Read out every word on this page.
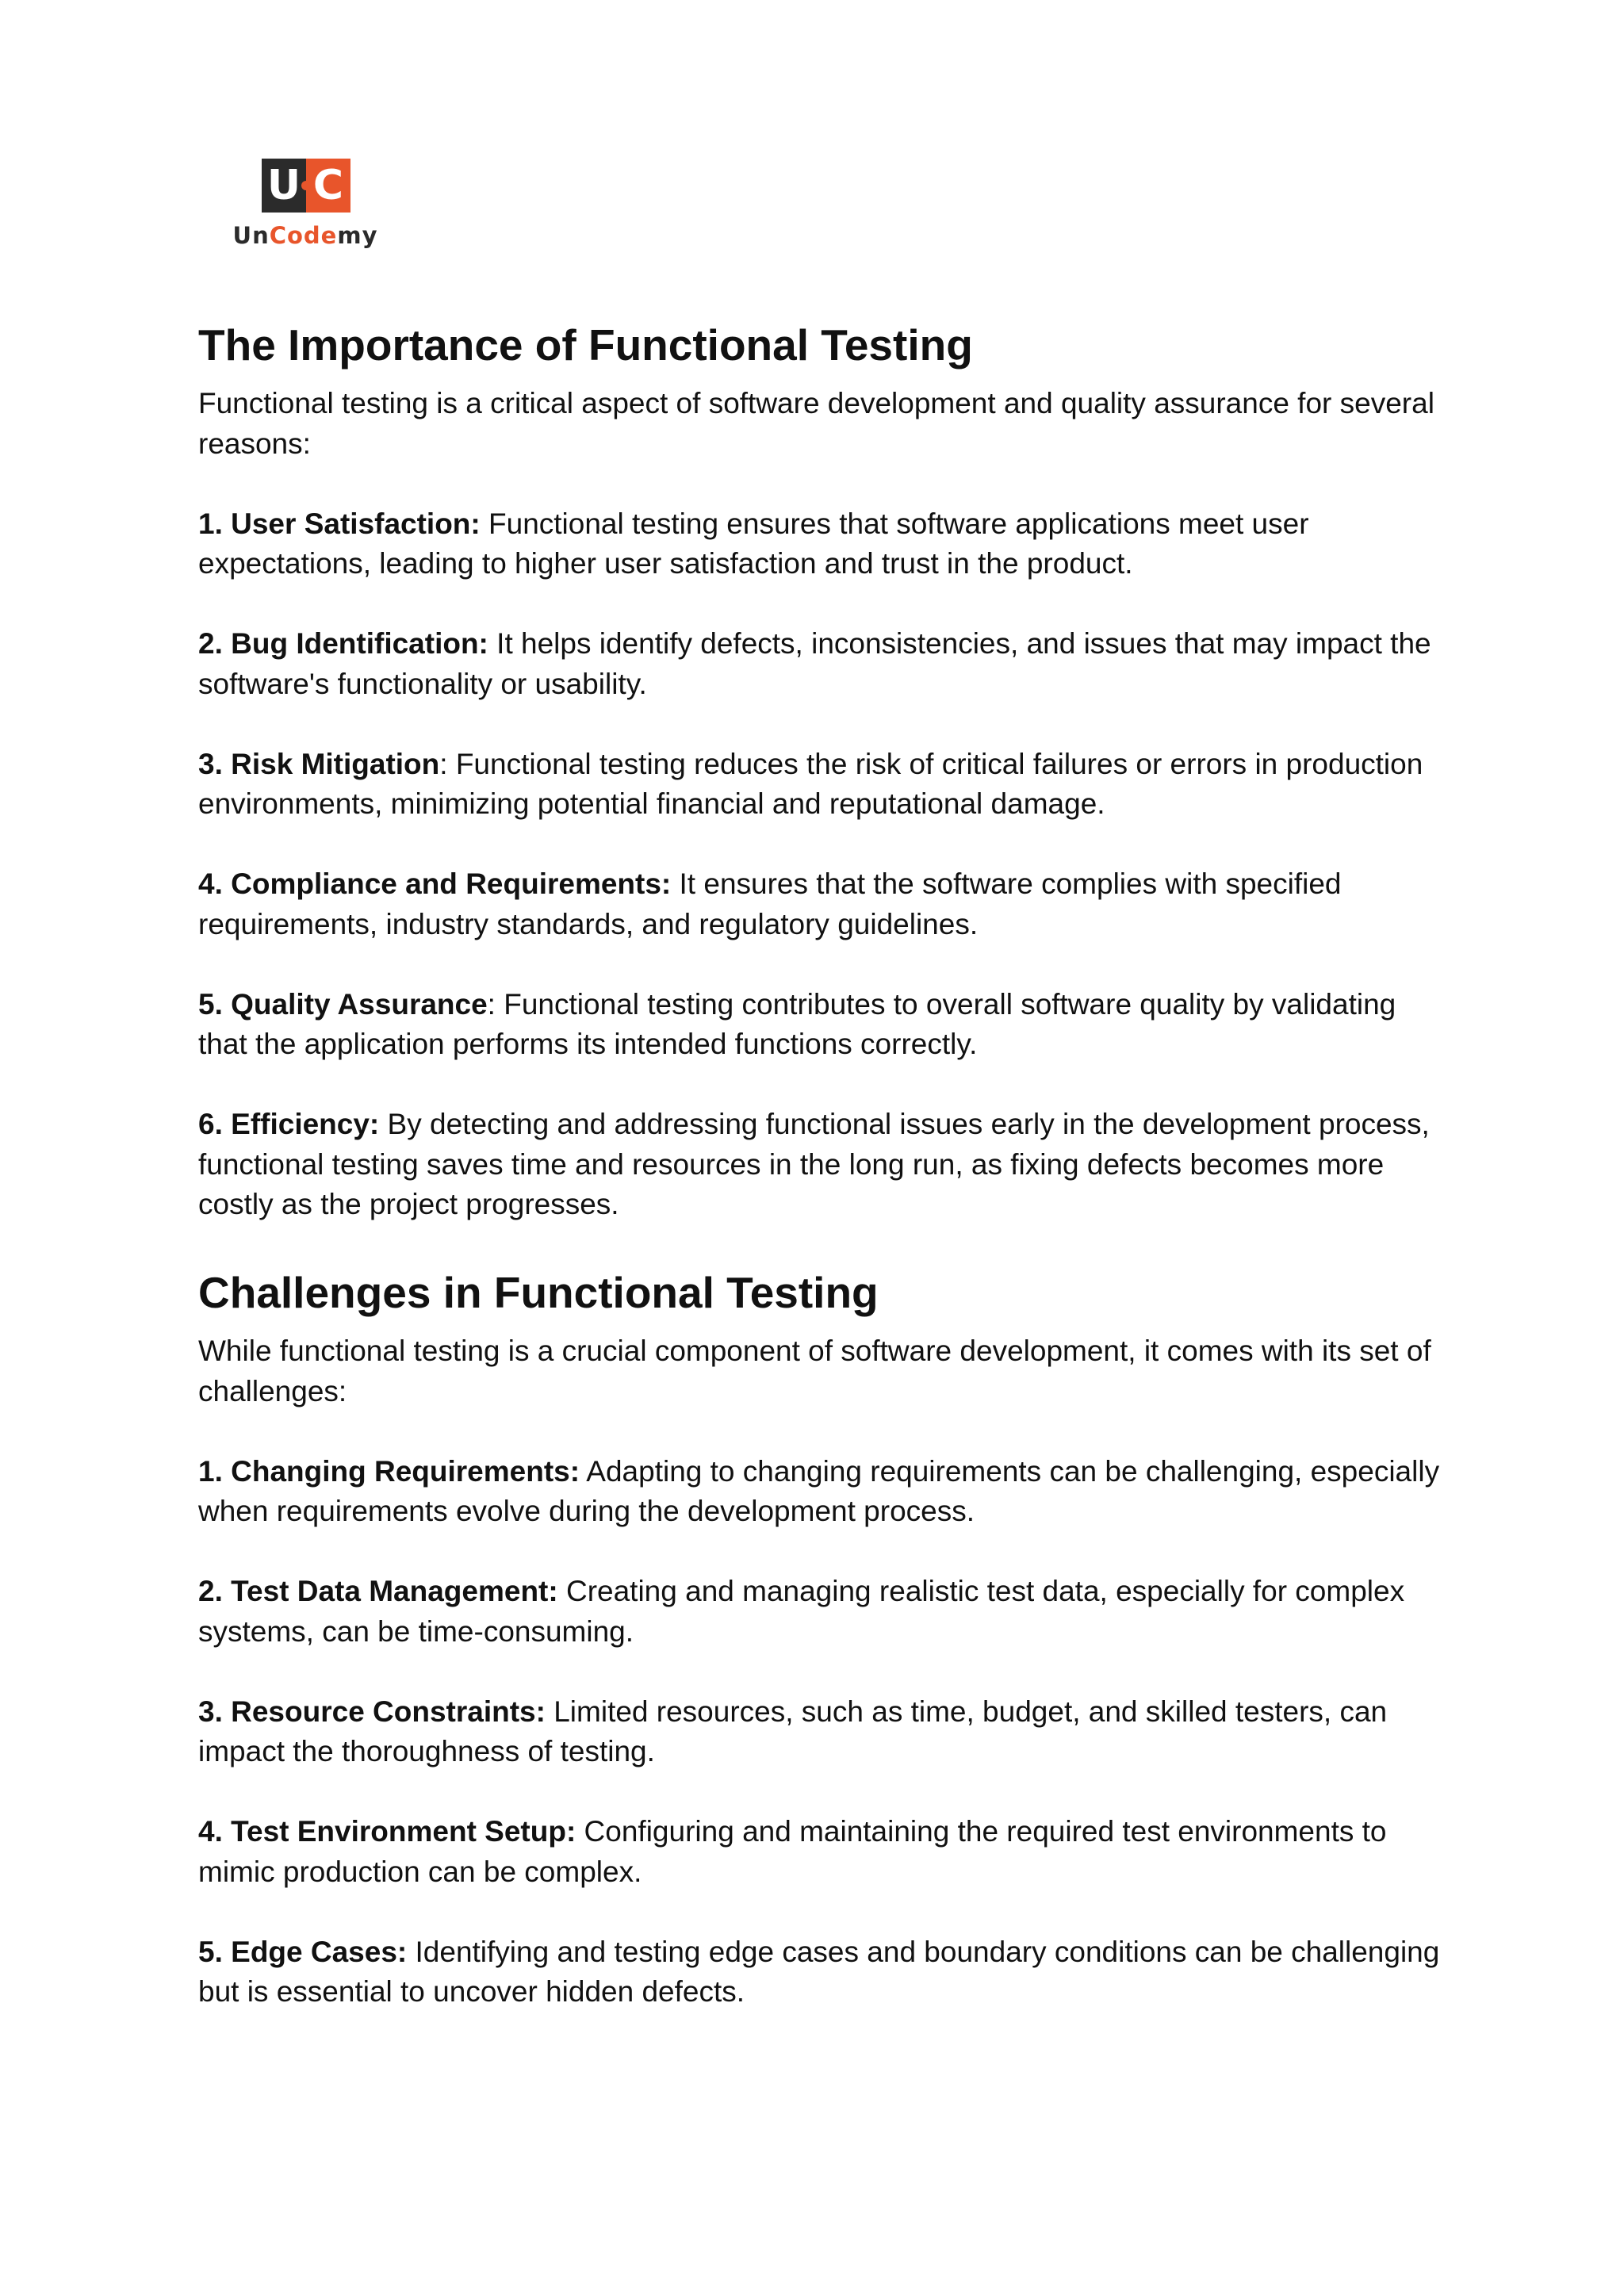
U C
UnCodemy
The Importance of Functional Testing

Functional testing is a critical aspect of software development and quality assurance for several reasons:

1. User Satisfaction: Functional testing ensures that software applications meet user expectations, leading to higher user satisfaction and trust in the product.

2. Bug Identification: It helps identify defects, inconsistencies, and issues that may impact the software's functionality or usability.

3. Risk Mitigation: Functional testing reduces the risk of critical failures or errors in production environments, minimizing potential financial and reputational damage.

4. Compliance and Requirements: It ensures that the software complies with specified requirements, industry standards, and regulatory guidelines.

5. Quality Assurance: Functional testing contributes to overall software quality by validating that the application performs its intended functions correctly.

6. Efficiency: By detecting and addressing functional issues early in the development process, functional testing saves time and resources in the long run, as fixing defects becomes more costly as the project progresses.

Challenges in Functional Testing

While functional testing is a crucial component of software development, it comes with its set of challenges:

1. Changing Requirements: Adapting to changing requirements can be challenging, especially when requirements evolve during the development process.

2. Test Data Management: Creating and managing realistic test data, especially for complex systems, can be time-consuming.

3. Resource Constraints: Limited resources, such as time, budget, and skilled testers, can impact the thoroughness of testing.

4. Test Environment Setup: Configuring and maintaining the required test environments to mimic production can be complex.

5. Edge Cases: Identifying and testing edge cases and boundary conditions can be challenging but is essential to uncover hidden defects.
